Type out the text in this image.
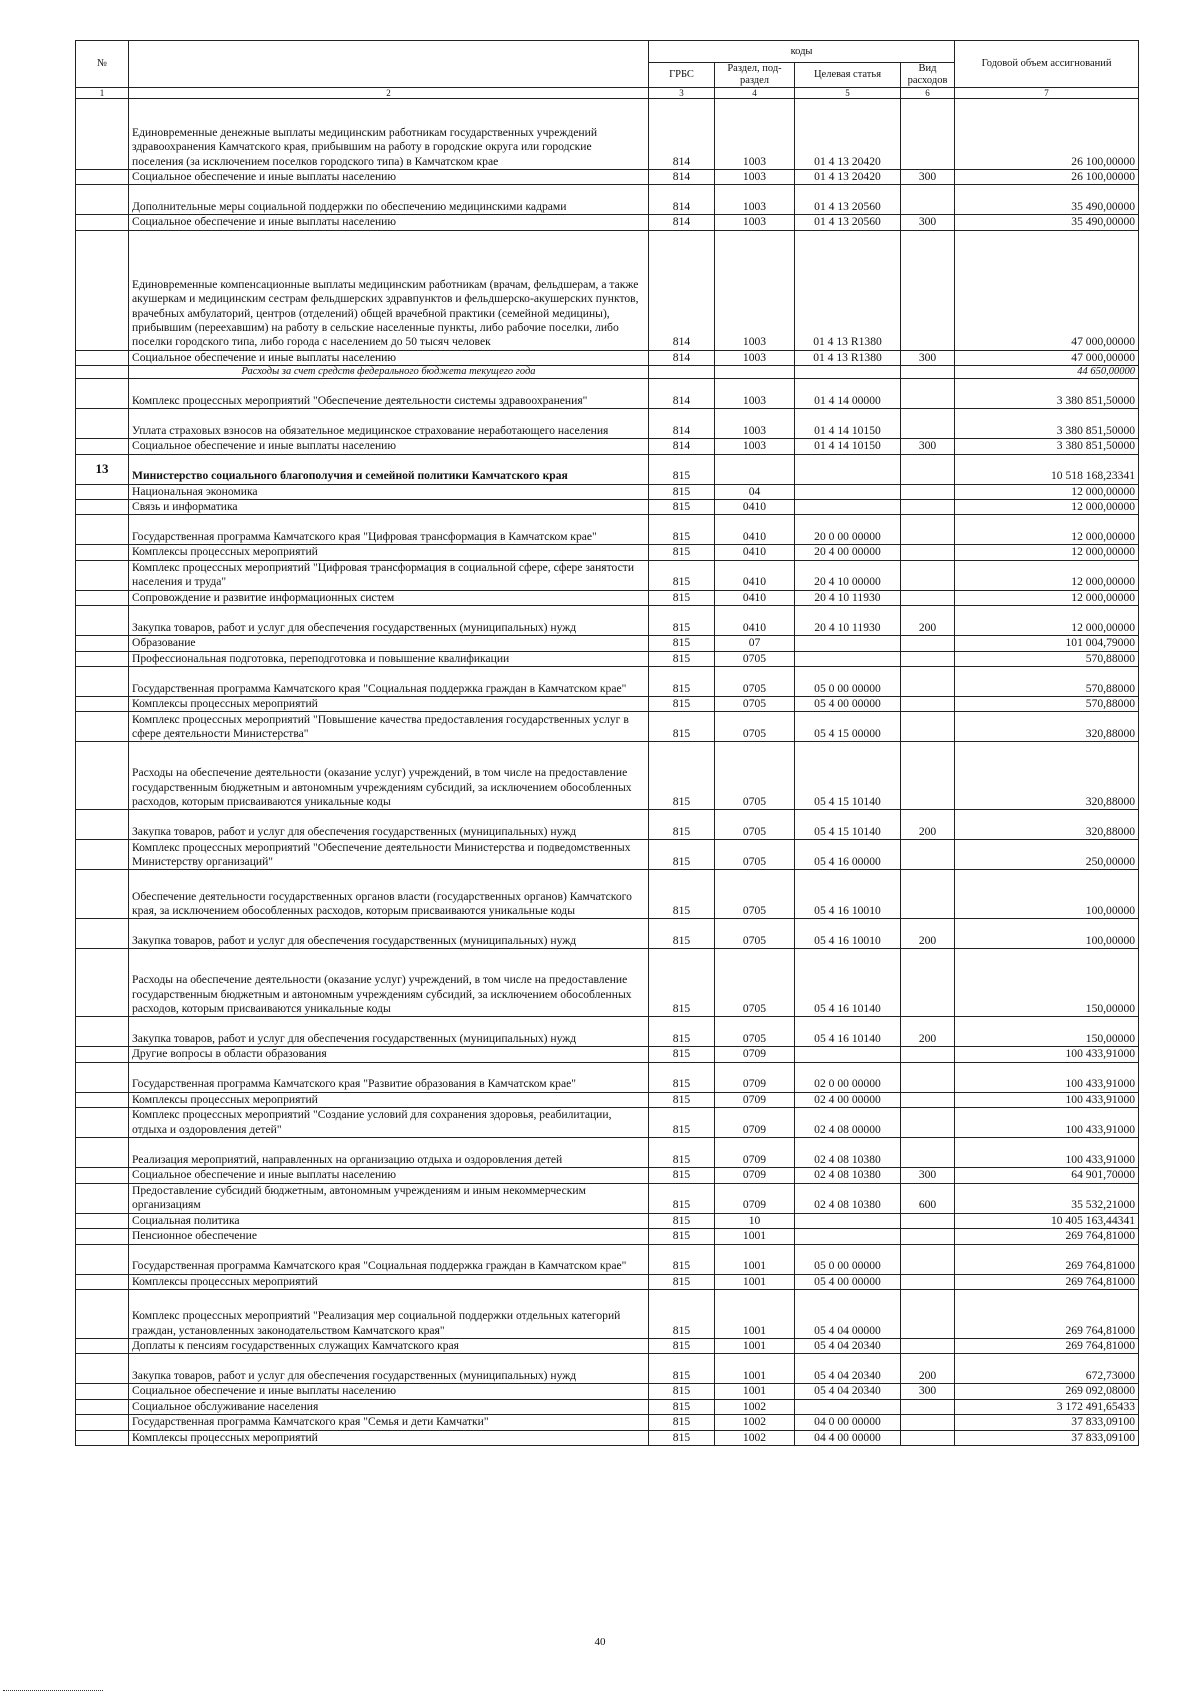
№		коды				Годовой объем ассигнований
		ГРБС	Раздел, под-раздел	Целевая статья	Вид расходов	
1	2	3	4	5	6	7
	Единовременные денежные выплаты медицинским работникам государственных учреждений здравоохранения Камчатского края, прибывшим на работу в городские округа или городские поселения (за исключением поселков городского типа) в Камчатском крае	814	1003	01 4 13 20420		26 100,00000
	Социальное обеспечение и иные выплаты населению	814	1003	01 4 13 20420	300	26 100,00000
	Дополнительные меры социальной поддержки по обеспечению медицинскими кадрами	814	1003	01 4 13 20560		35 490,00000
	Социальное обеспечение и иные выплаты населению	814	1003	01 4 13 20560	300	35 490,00000
	Единовременные компенсационные выплаты медицинским работникам (врачам, фельдшерам, а также акушеркам и медицинским сестрам фельдшерских здравпунктов и фельдшерско-акушерских пунктов, врачебных амбулаторий, центров (отделений) общей врачебной практики (семейной медицины), прибывшим (переехавшим) на работу в сельские населенные пункты, либо рабочие поселки, либо поселки городского типа, либо города с населением до 50 тысяч человек	814	1003	01 4 13 R1380		47 000,00000
	Социальное обеспечение и иные выплаты населению	814	1003	01 4 13 R1380	300	47 000,00000
	Расходы за счет средств федерального бюджета текущего года					44 650,00000
	Комплекс процессных мероприятий "Обеспечение деятельности системы здравоохранения"	814	1003	01 4 14 00000		3 380 851,50000
	Уплата страховых взносов на обязательное медицинское страхование неработающего населения	814	1003	01 4 14 10150		3 380 851,50000
	Социальное обеспечение и иные выплаты населению	814	1003	01 4 14 10150	300	3 380 851,50000
13	Министерство социального благополучия и семейной политики Камчатского края	815				10 518 168,23341
	Национальная экономика	815	04			12 000,00000
	Связь и информатика	815	0410			12 000,00000
	Государственная программа Камчатского края "Цифровая трансформация в Камчатском крае"	815	0410	20 0 00 00000		12 000,00000
	Комплексы процессных мероприятий	815	0410	20 4 00 00000		12 000,00000
	Комплекс процессных мероприятий "Цифровая трансформация в социальной сфере, сфере занятости населения и труда"	815	0410	20 4 10 00000		12 000,00000
	Сопровождение и развитие информационных систем	815	0410	20 4 10 11930		12 000,00000
	Закупка товаров, работ и услуг для обеспечения государственных (муниципальных) нужд	815	0410	20 4 10 11930	200	12 000,00000
	Образование	815	07			101 004,79000
	Профессиональная подготовка, переподготовка и повышение квалификации	815	0705			570,88000
	Государственная программа Камчатского края "Социальная поддержка граждан в Камчатском крае"	815	0705	05 0 00 00000		570,88000
	Комплексы процессных мероприятий	815	0705	05 4 00 00000		570,88000
	Комплекс процессных мероприятий "Повышение качества предоставления государственных услуг в сфере деятельности Министерства"	815	0705	05 4 15 00000		320,88000
	Расходы на обеспечение деятельности (оказание услуг) учреждений, в том числе на предоставление государственным бюджетным и автономным учреждениям субсидий, за исключением обособленных расходов, которым присваиваются уникальные коды	815	0705	05 4 15 10140		320,88000
	Закупка товаров, работ и услуг для обеспечения государственных (муниципальных) нужд	815	0705	05 4 15 10140	200	320,88000
	Комплекс процессных мероприятий "Обеспечение деятельности Министерства и подведомственных Министерству организаций"	815	0705	05 4 16 00000		250,00000
	Обеспечение деятельности государственных органов власти (государственных органов) Камчатского края, за исключением обособленных расходов, которым присваиваются уникальные коды	815	0705	05 4 16 10010		100,00000
	Закупка товаров, работ и услуг для обеспечения государственных (муниципальных) нужд	815	0705	05 4 16 10010	200	100,00000
	Расходы на обеспечение деятельности (оказание услуг) учреждений, в том числе на предоставление государственным бюджетным и автономным учреждениям субсидий, за исключением обособленных расходов, которым присваиваются уникальные коды	815	0705	05 4 16 10140		150,00000
	Закупка товаров, работ и услуг для обеспечения государственных (муниципальных) нужд	815	0705	05 4 16 10140	200	150,00000
	Другие вопросы в области образования	815	0709			100 433,91000
	Государственная программа Камчатского края "Развитие образования в Камчатском крае"	815	0709	02 0 00 00000		100 433,91000
	Комплексы процессных мероприятий	815	0709	02 4 00 00000		100 433,91000
	Комплекс процессных мероприятий "Создание условий для сохранения здоровья, реабилитации, отдыха и оздоровления детей"	815	0709	02 4 08 00000		100 433,91000
	Реализация мероприятий, направленных на организацию отдыха и оздоровления детей	815	0709	02 4 08 10380		100 433,91000
	Социальное обеспечение и иные выплаты населению	815	0709	02 4 08 10380	300	64 901,70000
	Предоставление субсидий бюджетным, автономным учреждениям и иным некоммерческим организациям	815	0709	02 4 08 10380	600	35 532,21000
	Социальная политика	815	10			10 405 163,44341
	Пенсионное обеспечение	815	1001			269 764,81000
	Государственная программа Камчатского края "Социальная поддержка граждан в Камчатском крае"	815	1001	05 0 00 00000		269 764,81000
	Комплексы процессных мероприятий	815	1001	05 4 00 00000		269 764,81000
	Комплекс процессных мероприятий "Реализация мер социальной поддержки отдельных категорий граждан, установленных законодательством Камчатского края"	815	1001	05 4 04 00000		269 764,81000
	Доплаты к пенсиям государственных служащих Камчатского края	815	1001	05 4 04 20340		269 764,81000
	Закупка товаров, работ и услуг для обеспечения государственных (муниципальных) нужд	815	1001	05 4 04 20340	200	672,73000
	Социальное обеспечение и иные выплаты населению	815	1001	05 4 04 20340	300	269 092,08000
	Социальное обслуживание населения	815	1002			3 172 491,65433
	Государственная программа Камчатского края "Семья и дети Камчатки"	815	1002	04 0 00 00000		37 833,09100
	Комплексы процессных мероприятий	815	1002	04 4 00 00000		37 833,09100
40
